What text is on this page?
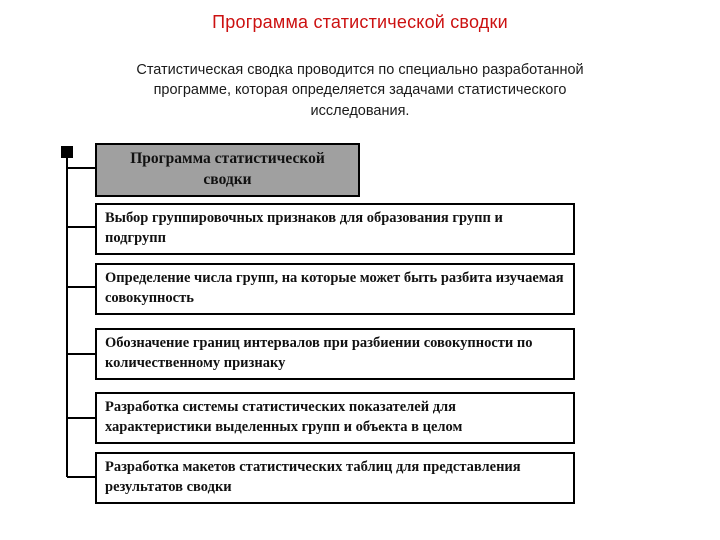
Программа статистической сводки
Статистическая сводка проводится по специально разработанной программе, которая определяется задачами статистического исследования.
Программа статистической сводки
Выбор группировочных признаков для образования групп и подгрупп
Определение числа групп, на которые может быть разбита изучаемая совокупность
Обозначение границ интервалов при разбиении совокупности по количественному признаку
Разработка системы статистических показателей для характеристики выделенных групп и объекта в целом
Разработка макетов статистических таблиц для представления результатов сводки
